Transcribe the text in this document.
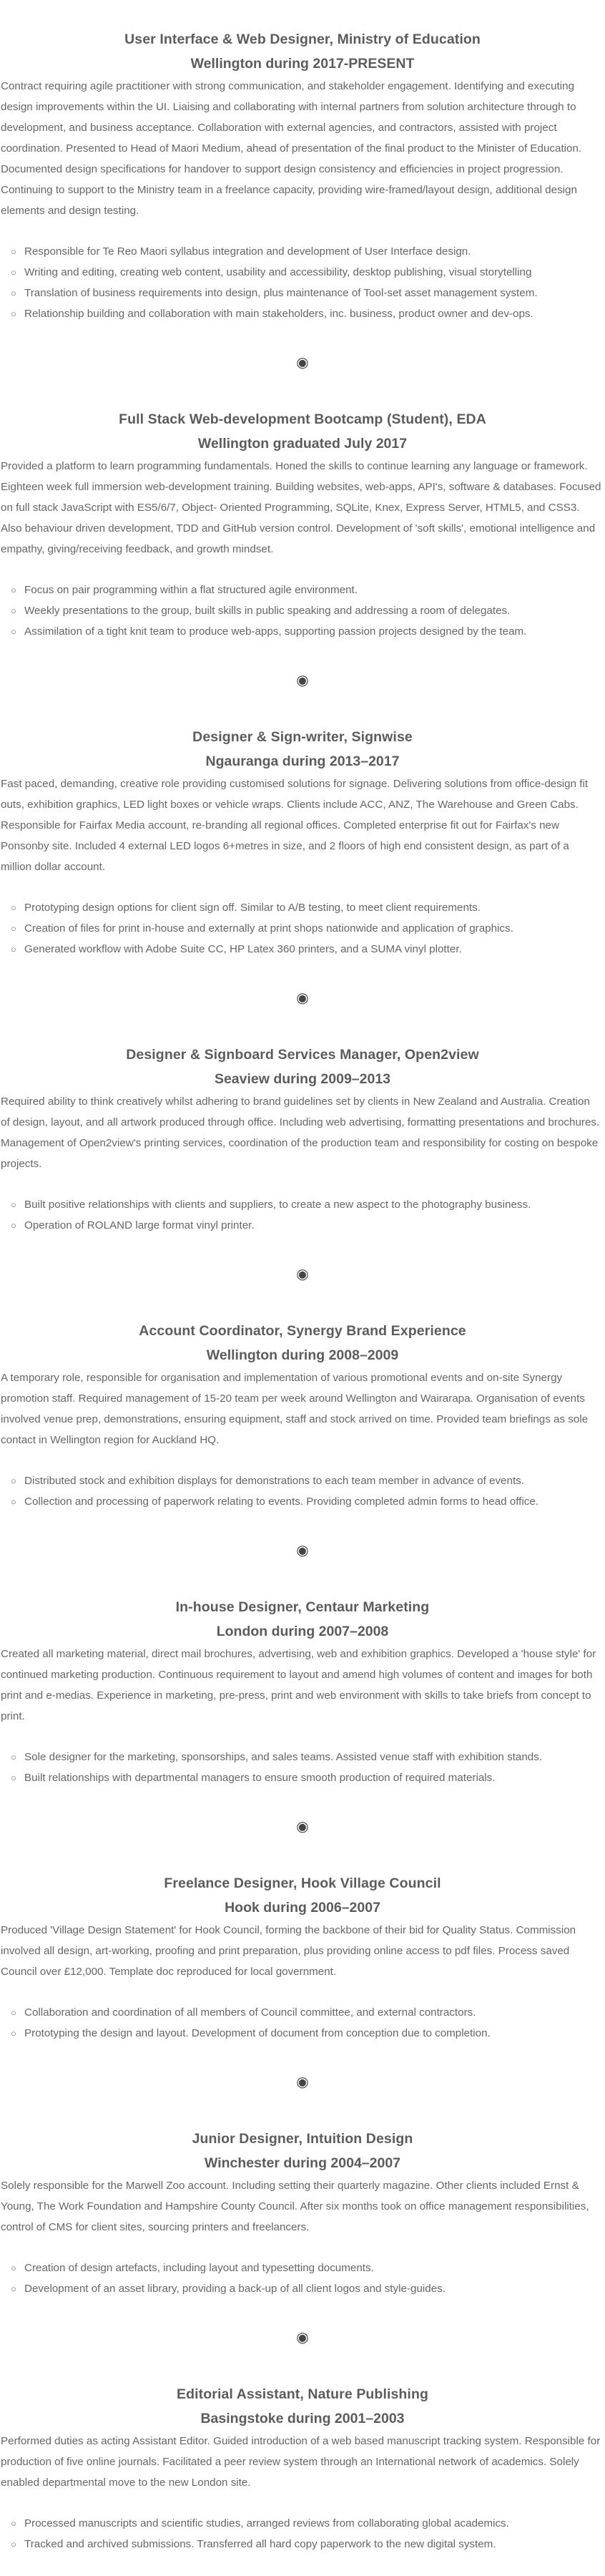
User Interface & Web Designer, Ministry of Education
Wellington during 2017-PRESENT

Contract requiring agile practitioner with strong communication, and stakeholder engagement. Identifying and executing design improvements within the UI. Liaising and collaborating with internal partners from solution architecture through to development, and business acceptance. Collaboration with external agencies, and contractors, assisted with project coordination. Presented to Head of Maori Medium, ahead of presentation of the final product to the Minister of Education. Documented design specifications for handover to support design consistency and efficiencies in project progression. Continuing to support to the Ministry team in a freelance capacity, providing wire-framed/layout design, additional design elements and design testing.

○ Responsible for Te Reo Maori syllabus integration and development of User Interface design.
○ Writing and editing, creating web content, usability and accessibility, desktop publishing, visual storytelling
○ Translation of business requirements into design, plus maintenance of Tool-set asset management system.
○ Relationship building and collaboration with main stakeholders, inc. business, product owner and dev-ops.
◉
Full Stack Web-development Bootcamp (Student), EDA
Wellington graduated July 2017

Provided a platform to learn programming fundamentals. Honed the skills to continue learning any language or framework. Eighteen week full immersion web-development training. Building websites, web-apps, API's, software & databases. Focused on full stack JavaScript with ES5/6/7, Object- Oriented Programming, SQLite, Knex, Express Server, HTML5, and CSS3. Also behaviour driven development, TDD and GitHub version control. Development of 'soft skills', emotional intelligence and empathy, giving/receiving feedback, and growth mindset.

○ Focus on pair programming within a flat structured agile environment.
○ Weekly presentations to the group, built skills in public speaking and addressing a room of delegates.
○ Assimilation of a tight knit team to produce web-apps, supporting passion projects designed by the team.
◉
Designer & Sign-writer, Signwise
Ngauranga during 2013–2017

Fast paced, demanding, creative role providing customised solutions for signage. Delivering solutions from office-design fit outs, exhibition graphics, LED light boxes or vehicle wraps. Clients include ACC, ANZ, The Warehouse and Green Cabs. Responsible for Fairfax Media account, re-branding all regional offices. Completed enterprise fit out for Fairfax's new Ponsonby site. Included 4 external LED logos 6+metres in size, and 2 floors of high end consistent design, as part of a million dollar account.

○ Prototyping design options for client sign off. Similar to A/B testing, to meet client requirements.
○ Creation of files for print in-house and externally at print shops nationwide and application of graphics.
○ Generated workflow with Adobe Suite CC, HP Latex 360 printers, and a SUMA vinyl plotter.
◉
Designer & Signboard Services Manager, Open2view
Seaview during 2009–2013

Required ability to think creatively whilst adhering to brand guidelines set by clients in New Zealand and Australia. Creation of design, layout, and all artwork produced through office. Including web advertising, formatting presentations and brochures. Management of Open2view's printing services, coordination of the production team and responsibility for costing on bespoke projects.

○ Built positive relationships with clients and suppliers, to create a new aspect to the photography business.
○ Operation of ROLAND large format vinyl printer.
◉
Account Coordinator, Synergy Brand Experience
Wellington during 2008–2009

A temporary role, responsible for organisation and implementation of various promotional events and on-site Synergy promotion staff. Required management of 15-20 team per week around Wellington and Wairarapa. Organisation of events involved venue prep, demonstrations, ensuring equipment, staff and stock arrived on time. Provided team briefings as sole contact in Wellington region for Auckland HQ.

○ Distributed stock and exhibition displays for demonstrations to each team member in advance of events.
○ Collection and processing of paperwork relating to events. Providing completed admin forms to head office.
◉
In-house Designer, Centaur Marketing
London during 2007–2008

Created all marketing material, direct mail brochures, advertising, web and exhibition graphics. Developed a 'house style' for continued marketing production. Continuous requirement to layout and amend high volumes of content and images for both print and e-medias. Experience in marketing, pre-press, print and web environment with skills to take briefs from concept to print.

○ Sole designer for the marketing, sponsorships, and sales teams. Assisted venue staff with exhibition stands.
○ Built relationships with departmental managers to ensure smooth production of required materials.
◉
Freelance Designer, Hook Village Council
Hook during 2006–2007

Produced 'Village Design Statement' for Hook Council, forming the backbone of their bid for Quality Status. Commission involved all design, art-working, proofing and print preparation, plus providing online access to pdf files. Process saved Council over £12,000. Template doc reproduced for local government.

○ Collaboration and coordination of all members of Council committee, and external contractors.
○ Prototyping the design and layout. Development of document from conception due to completion.
◉
Junior Designer, Intuition Design
Winchester during 2004–2007

Solely responsible for the Marwell Zoo account. Including setting their quarterly magazine. Other clients included Ernst & Young, The Work Foundation and Hampshire County Council. After six months took on office management responsibilities, control of CMS for client sites, sourcing printers and freelancers.

○ Creation of design artefacts, including layout and typesetting documents.
○ Development of an asset library, providing a back-up of all client logos and style-guides.
◉
Editorial Assistant, Nature Publishing
Basingstoke during 2001–2003

Performed duties as acting Assistant Editor. Guided introduction of a web based manuscript tracking system. Responsible for production of five online journals. Facilitated a peer review system through an International network of academics. Solely enabled departmental move to the new London site.

○ Processed manuscripts and scientific studies, arranged reviews from collaborating global academics.
○ Tracked and archived submissions. Transferred all hard copy paperwork to the new digital system.
